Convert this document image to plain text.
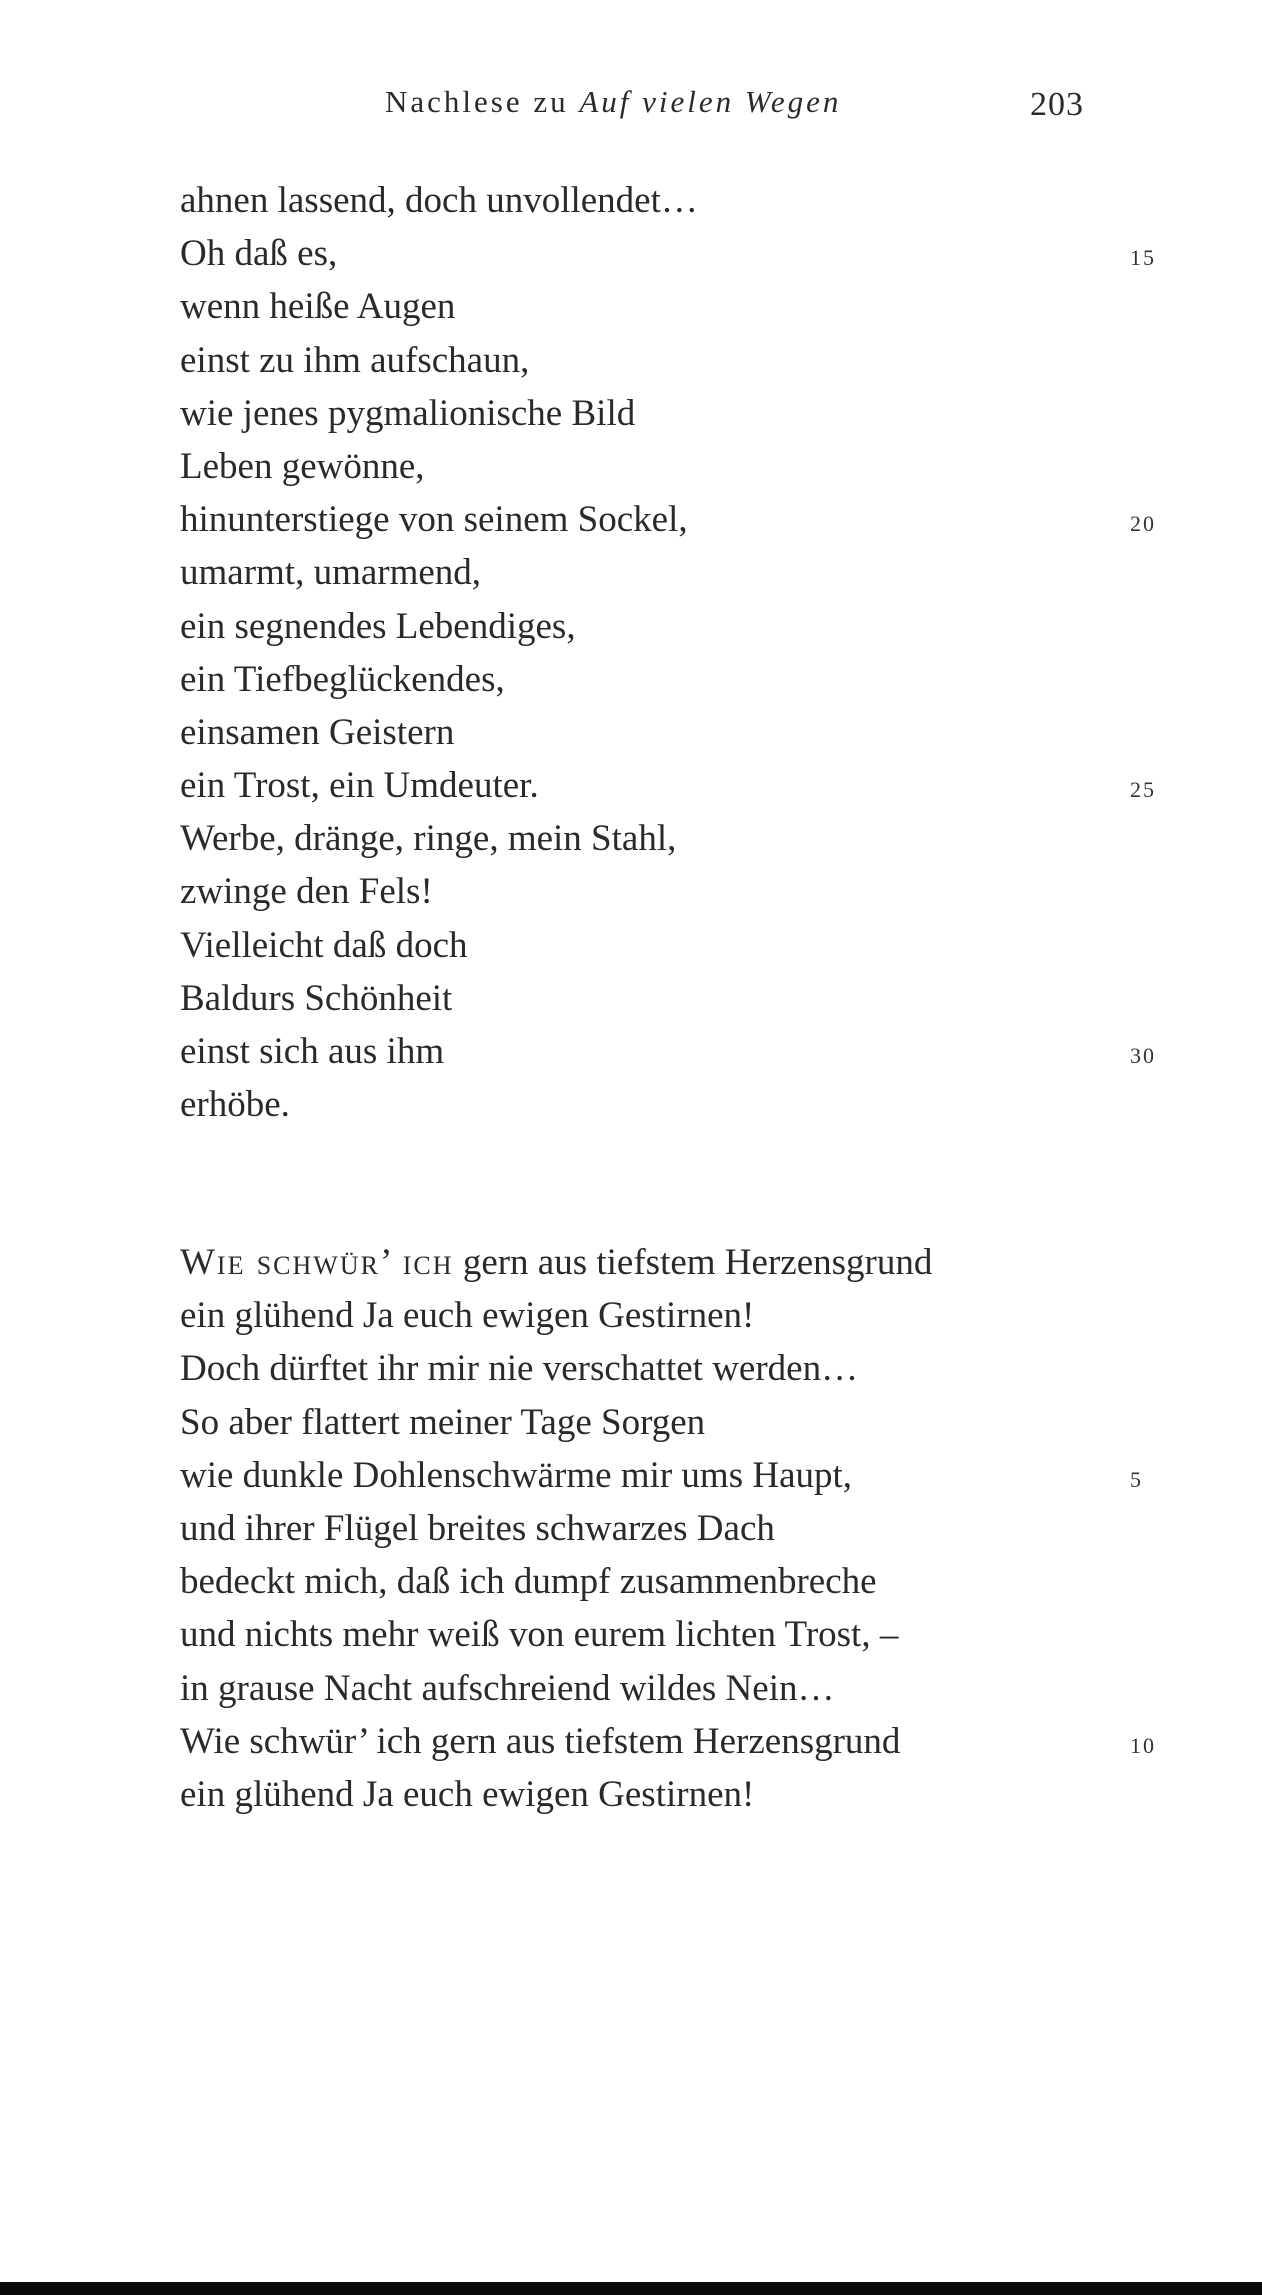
Nachlese zu Auf vielen Wegen	203
ahnen lassend, doch unvollendet…
Oh daß es,	15
wenn heiße Augen
einst zu ihm aufschaun,
wie jenes pygmalionische Bild
Leben gewönne,
hinunterstiege von seinem Sockel,	20
umarmt, umarmend,
ein segnendes Lebendiges,
ein Tiefbeglückendes,
einsamen Geistern
ein Trost, ein Umdeuter.	25
Werbe, dränge, ringe, mein Stahl,
zwinge den Fels!
Vielleicht daß doch
Baldurs Schönheit
einst sich aus ihm	30
erhöbe.
Wie schwür’ ich gern aus tiefstem Herzensgrund
ein glühend Ja euch ewigen Gestirnen!
Doch dürftet ihr mir nie verschattet werden…
So aber flattert meiner Tage Sorgen
wie dunkle Dohlenschwärme mir ums Haupt,	5
und ihrer Flügel breites schwarzes Dach
bedeckt mich, daß ich dumpf zusammenbreche
und nichts mehr weiß von eurem lichten Trost, –
in grause Nacht aufschreiend wildes Nein…
Wie schwür’ ich gern aus tiefstem Herzensgrund	10
ein glühend Ja euch ewigen Gestirnen!
